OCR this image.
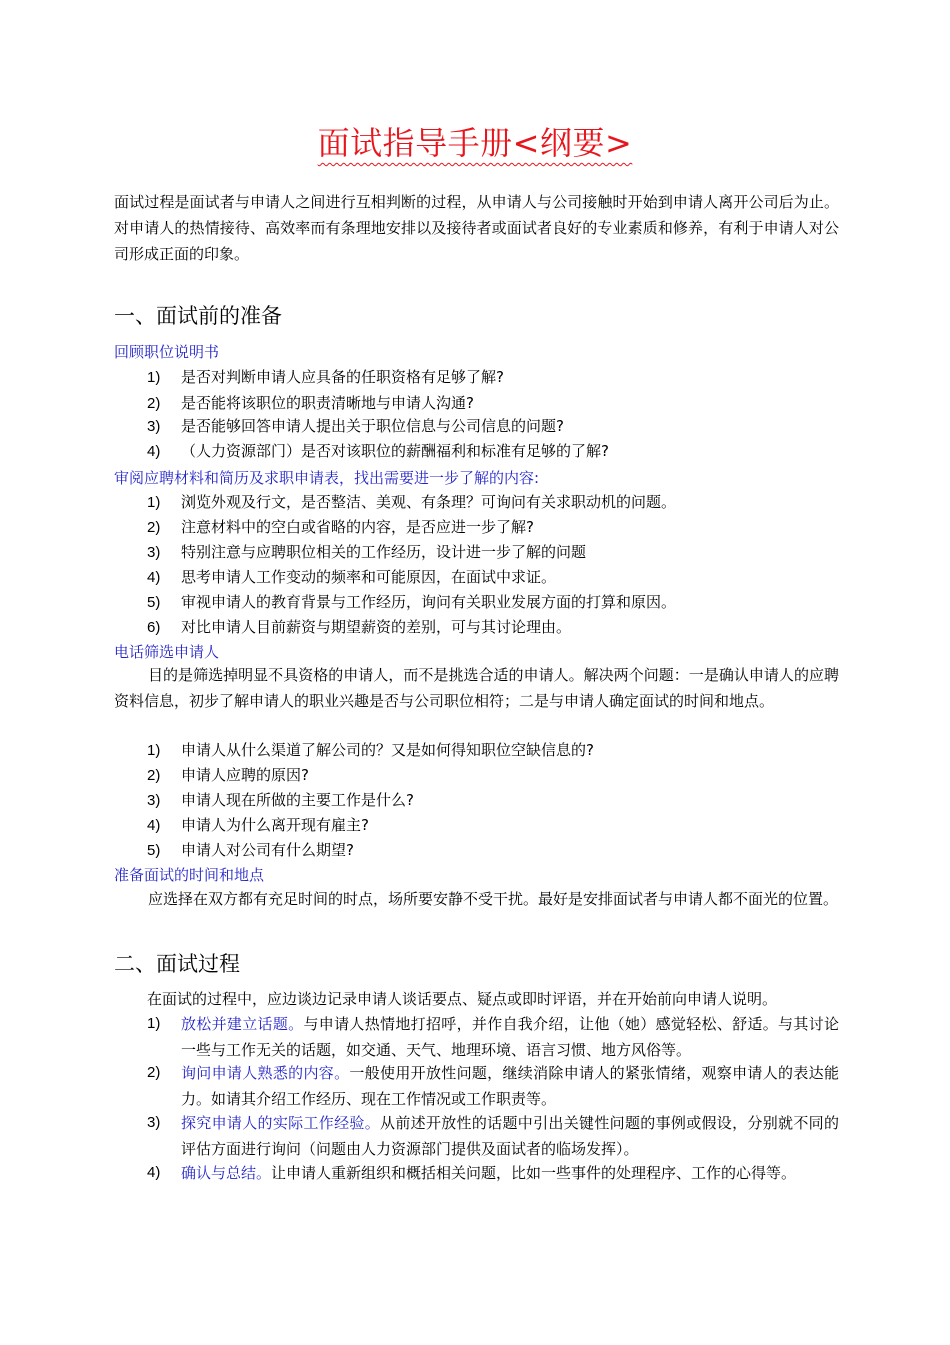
面试指导手册<纲要>
面试过程是面试者与申请人之间进行互相判断的过程，从申请人与公司接触时开始到申请人离开公司后为止。对申请人的热情接待、高效率而有条理地安排以及接待者或面试者良好的专业素质和修养，有利于申请人对公司形成正面的印象。
一、面试前的准备
回顾职位说明书
1) 是否对判断申请人应具备的任职资格有足够了解?
2) 是否能将该职位的职责清晰地与申请人沟通?
3) 是否能够回答申请人提出关于职位信息与公司信息的问题?
4) （人力资源部门）是否对该职位的薪酬福利和标准有足够的了解?
审阅应聘材料和简历及求职申请表，找出需要进一步了解的内容:
1) 浏览外观及行文，是否整洁、美观、有条理？可询问有关求职动机的问题。
2) 注意材料中的空白或省略的内容，是否应进一步了解?
3) 特别注意与应聘职位相关的工作经历，设计进一步了解的问题
4) 思考申请人工作变动的频率和可能原因，在面试中求证。
5) 审视申请人的教育背景与工作经历，询问有关职业发展方面的打算和原因。
6) 对比申请人目前薪资与期望薪资的差别，可与其讨论理由。
电话筛选申请人
目的是筛选掉明显不具资格的申请人，而不是挑选合适的申请人。解决两个问题：一是确认申请人的应聘资料信息，初步了解申请人的职业兴趣是否与公司职位相符；二是与申请人确定面试的时间和地点。
1) 申请人从什么渠道了解公司的？又是如何得知职位空缺信息的?
2) 申请人应聘的原因?
3) 申请人现在所做的主要工作是什么?
4) 申请人为什么离开现有雇主?
5) 申请人对公司有什么期望?
准备面试的时间和地点
应选择在双方都有充足时间的时点，场所要安静不受干扰。最好是安排面试者与申请人都不面光的位置。
二、面试过程
在面试的过程中，应边谈边记录申请人谈话要点、疑点或即时评语，并在开始前向申请人说明。
1) 放松并建立话题。与申请人热情地打招呼，并作自我介绍，让他（她）感觉轻松、舒适。与其讨论一些与工作无关的话题，如交通、天气、地理环境、语言习惯、地方风俗等。
2) 询问申请人熟悉的内容。一般使用开放性问题，继续消除申请人的紧张情绪，观察申请人的表达能力。如请其介绍工作经历、现在工作情况或工作职责等。
3) 探究申请人的实际工作经验。从前述开放性的话题中引出关键性问题的事例或假设，分别就不同的评估方面进行询问（问题由人力资源部门提供及面试者的临场发挥）。
4) 确认与总结。让申请人重新组织和概括相关问题，比如一些事件的处理程序、工作的心得等。
